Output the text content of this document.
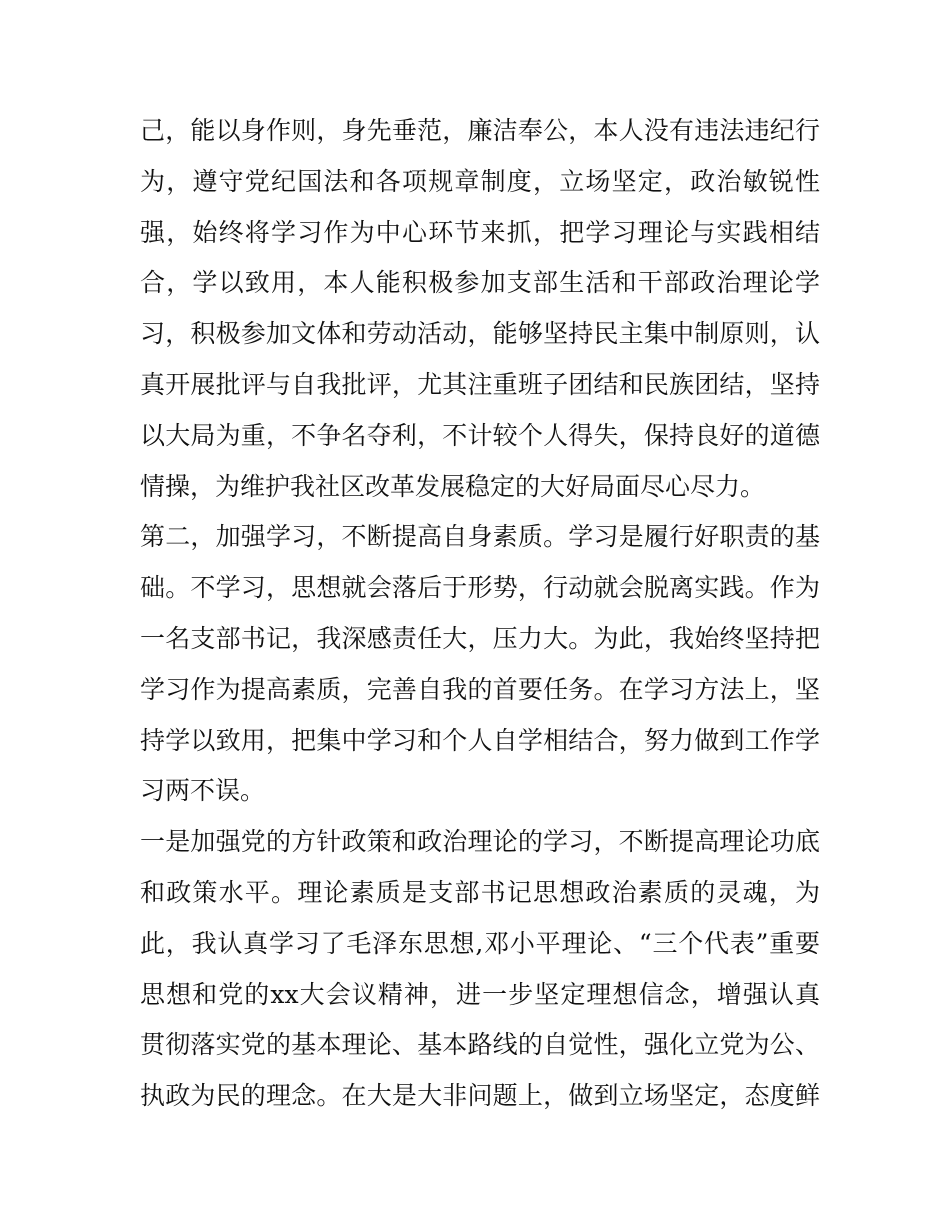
己，能以身作则，身先垂范，廉洁奉公，本人没有违法违纪行
为，遵守党纪国法和各项规章制度，立场坚定，政治敏锐性
强，始终将学习作为中心环节来抓，把学习理论与实践相结
合，学以致用，本人能积极参加支部生活和干部政治理论学
习，积极参加文体和劳动活动，能够坚持民主集中制原则，认
真开展批评与自我批评，尤其注重班子团结和民族团结，坚持
以大局为重，不争名夺利，不计较个人得失，保持良好的道德
情操，为维护我社区改革发展稳定的大好局面尽心尽力。
第二，加强学习，不断提高自身素质。学习是履行好职责的基
础。不学习，思想就会落后于形势，行动就会脱离实践。作为
一名支部书记，我深感责任大，压力大。为此，我始终坚持把
学习作为提高素质，完善自我的首要任务。在学习方法上，坚
持学以致用，把集中学习和个人自学相结合，努力做到工作学
习两不误。
一是加强党的方针政策和政治理论的学习，不断提高理论功底
和政策水平。理论素质是支部书记思想政治素质的灵魂，为
此，我认真学习了毛泽东思想,邓小平理论、“三个代表”重要
思想和党的xx大会议精神，进一步坚定理想信念，增强认真
贯彻落实党的基本理论、基本路线的自觉性，强化立党为公、
执政为民的理念。在大是大非问题上，做到立场坚定，态度鲜
